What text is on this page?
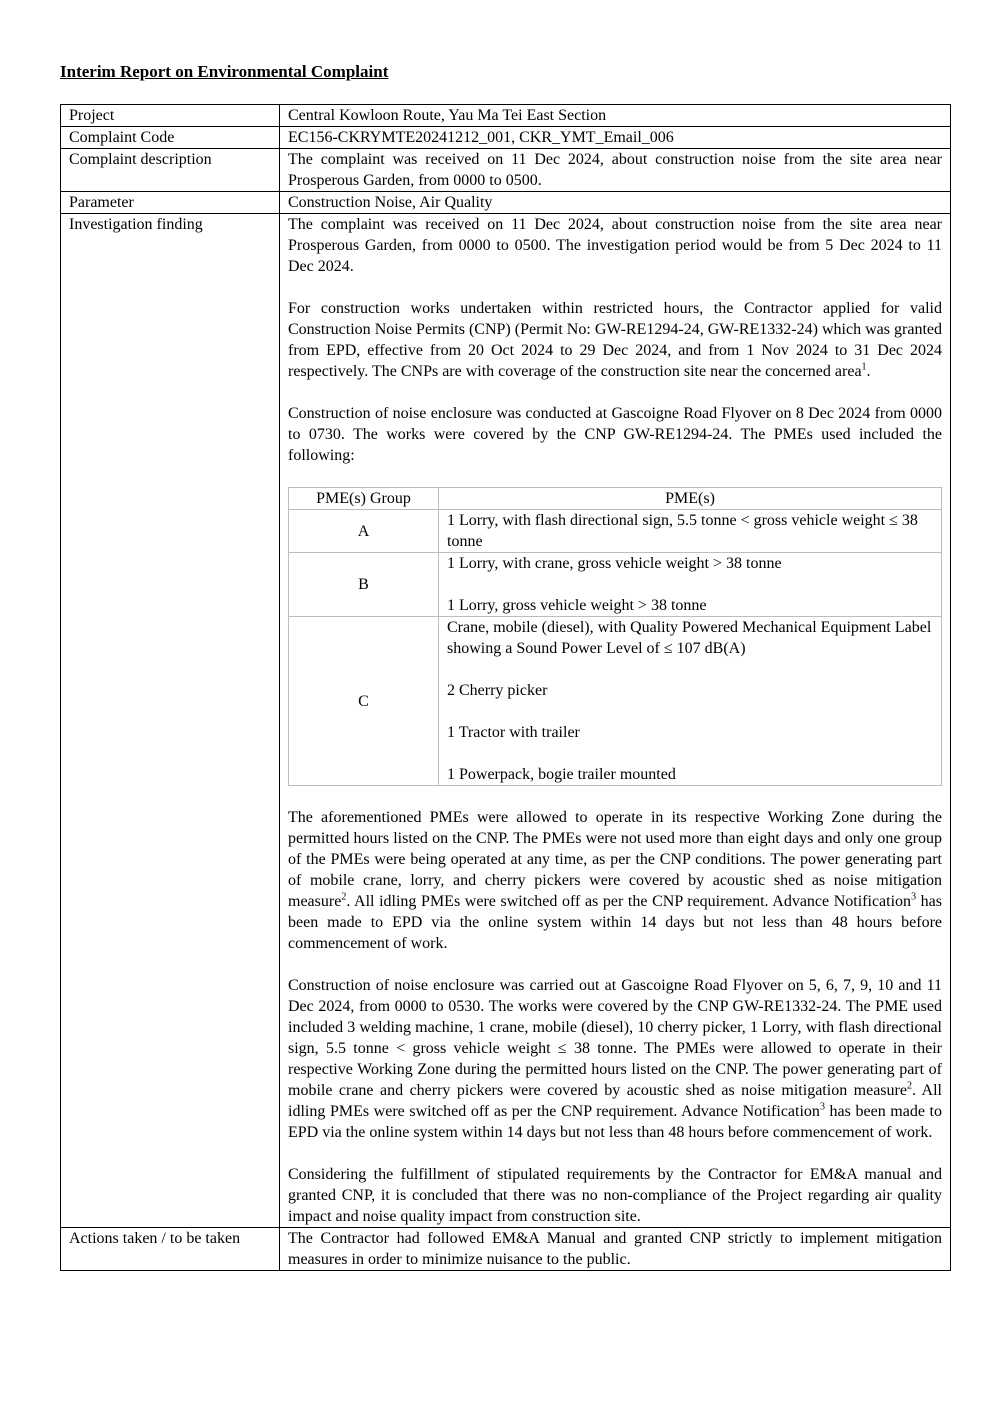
Interim Report on Environmental Complaint
Project	Central Kowloon Route, Yau Ma Tei East Section
Complaint Code	EC156-CKRYMTE20241212_001, CKR_YMT_Email_006
Complaint description	The complaint was received on 11 Dec 2024, about construction noise from the site area near Prosperous Garden, from 0000 to 0500.

Parameter	Construction Noise, Air Quality
Investigation finding	The complaint was received on 11 Dec 2024, about construction noise from the site area near Prosperous Garden, from 0000 to 0500. The investigation period would be from 5 Dec 2024 to 11 Dec 2024.

For construction works undertaken within restricted hours, the Contractor applied for valid Construction Noise Permits (CNP) (Permit No: GW-RE1294-24, GW-RE1332-24) which was granted from EPD, effective from 20 Oct 2024 to 29 Dec 2024, and from 1 Nov 2024 to 31 Dec 2024 respectively. The CNPs are with coverage of the construction site near the concerned area$^1$.

Construction of noise enclosure was conducted at Gascoigne Road Flyover on 8 Dec 2024 from 0000 to 0730. The works were covered by the CNP GW-RE1294-24. The PMEs used included the following:

PME(s) Group	PME(s)
A	
1 Lorry, with flash directional sign, 5.5 tonne < gross vehicle weight ≤ 38 tonne

B	
1 Lorry, with crane, gross vehicle weight > 38 tonne
1 Lorry, gross vehicle weight > 38 tonne

C	
Crane, mobile (diesel), with Quality Powered Mechanical Equipment Label showing a Sound Power Level of ≤ 107 dB(A)
2 Cherry picker
1 Tractor with trailer
1 Powerpack, bogie trailer mounted

The aforementioned PMEs were allowed to operate in its respective Working Zone during the permitted hours listed on the CNP. The PMEs were not used more than eight days and only one group of the PMEs were being operated at any time, as per the CNP conditions. The power generating part of mobile crane, lorry, and cherry pickers were covered by acoustic shed as noise mitigation measure$^2$. All idling PMEs were switched off as per the CNP requirement. Advance Notification$^3$ has been made to EPD via the online system within 14 days but not less than 48 hours before commencement of work.

Construction of noise enclosure was carried out at Gascoigne Road Flyover on 5, 6, 7, 9, 10 and 11 Dec 2024, from 0000 to 0530. The works were covered by the CNP GW-RE1332-24. The PME used included 3 welding machine, 1 crane, mobile (diesel), 10 cherry picker, 1 Lorry, with flash directional sign, 5.5 tonne < gross vehicle weight ≤ 38 tonne. The PMEs were allowed to operate in their respective Working Zone during the permitted hours listed on the CNP. The power generating part of mobile crane and cherry pickers were covered by acoustic shed as noise mitigation measure$^2$. All idling PMEs were switched off as per the CNP requirement. Advance Notification$^3$ has been made to EPD via the online system within 14 days but not less than 48 hours before commencement of work.

Considering the fulfillment of stipulated requirements by the Contractor for EM&A manual and granted CNP, it is concluded that there was no non-compliance of the Project regarding air quality impact and noise quality impact from construction site.

Actions taken / to be taken	The Contractor had followed EM&A Manual and granted CNP strictly to implement mitigation measures in order to minimize nuisance to the public.
